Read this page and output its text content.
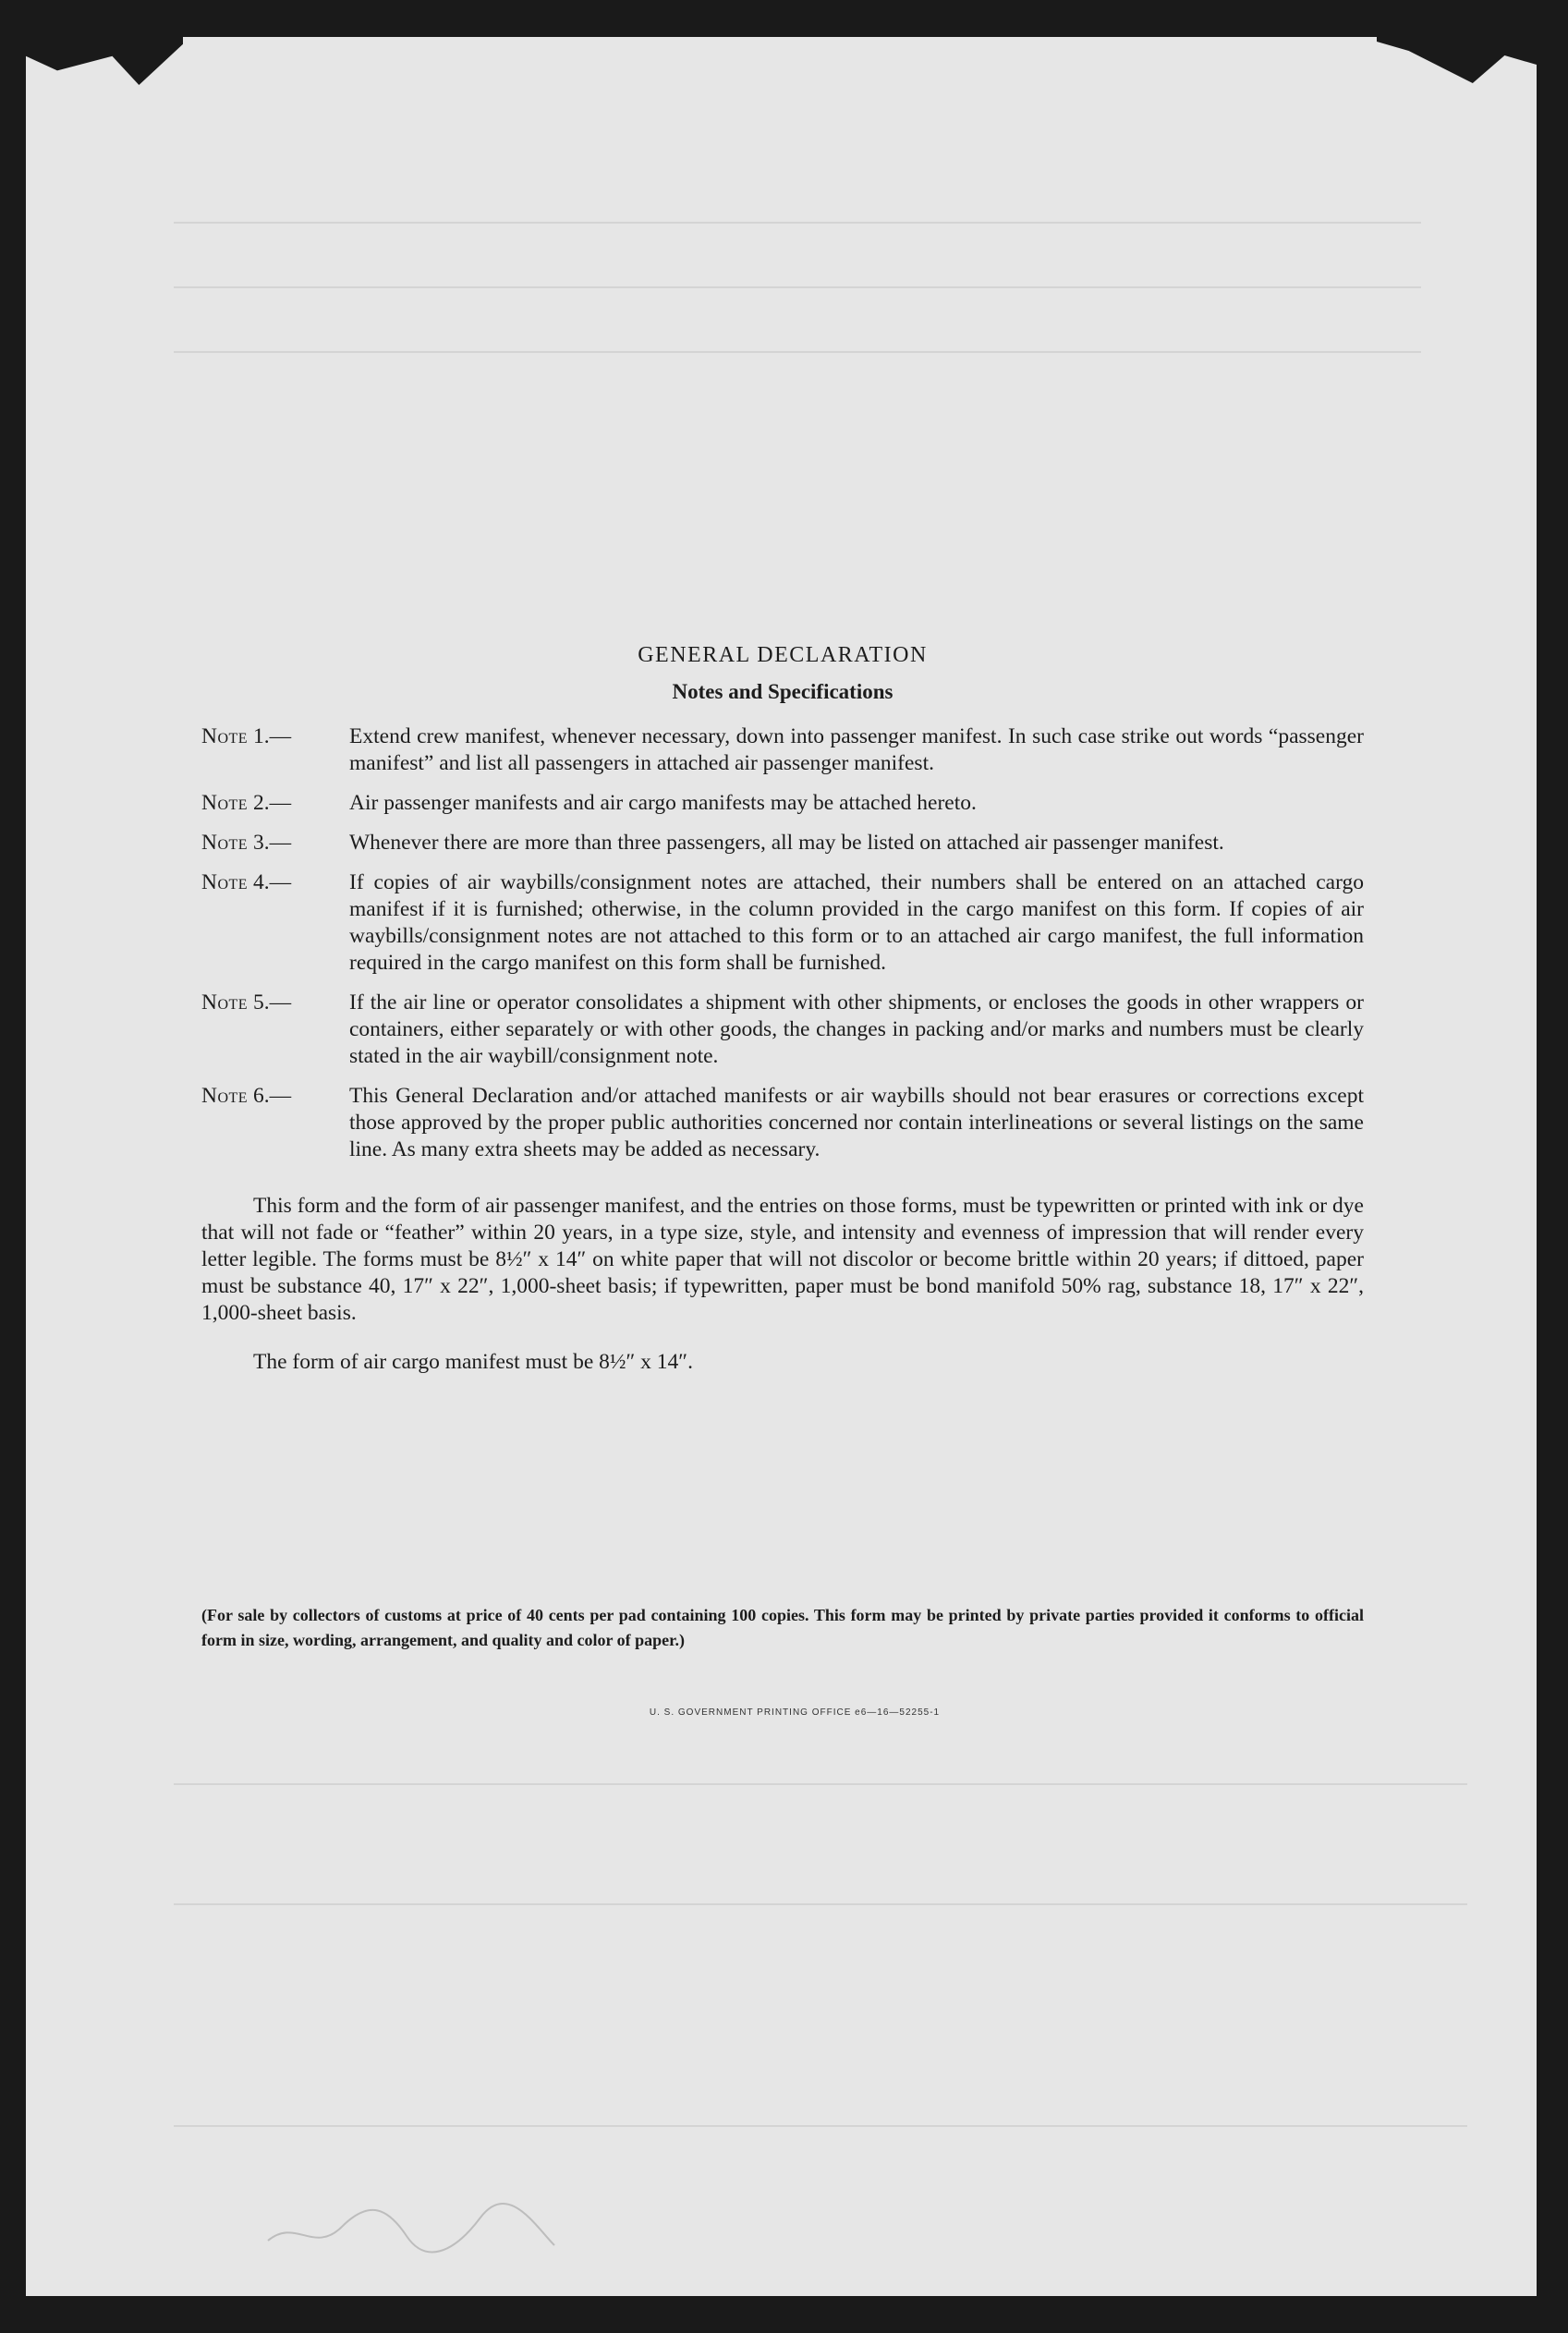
GENERAL DECLARATION
Notes and Specifications
Note 1.—	Extend crew manifest, whenever necessary, down into passenger manifest. In such case strike out words “passenger manifest” and list all passengers in attached air passenger manifest.
Note 2.—	Air passenger manifests and air cargo manifests may be attached hereto.
Note 3.—	Whenever there are more than three passengers, all may be listed on attached air passenger manifest.
Note 4.—	If copies of air waybills/consignment notes are attached, their numbers shall be entered on an attached cargo manifest if it is furnished; otherwise, in the column provided in the cargo manifest on this form. If copies of air waybills/consignment notes are not attached to this form or to an attached air cargo manifest, the full information required in the cargo manifest on this form shall be furnished.
Note 5.—	If the air line or operator consolidates a shipment with other shipments, or encloses the goods in other wrappers or containers, either separately or with other goods, the changes in packing and/or marks and numbers must be clearly stated in the air waybill/consignment note.
Note 6.—	This General Declaration and/or attached manifests or air waybills should not bear erasures or corrections except those approved by the proper public authorities concerned nor contain interlineations or several listings on the same line. As many extra sheets may be added as necessary.

This form and the form of air passenger manifest, and the entries on those forms, must be typewritten or printed with ink or dye that will not fade or “feather” within 20 years, in a type size, style, and intensity and evenness of impression that will render every letter legible. The forms must be 8½″ x 14″ on white paper that will not discolor or become brittle within 20 years; if dittoed, paper must be substance 40, 17″ x 22″, 1,000-sheet basis; if typewritten, paper must be bond manifold 50% rag, substance 18, 17″ x 22″, 1,000-sheet basis.

The form of air cargo manifest must be 8½″ x 14″.

(For sale by collectors of customs at price of 40 cents per pad containing 100 copies. This form may be printed by private parties provided it conforms to official form in size, wording, arrangement, and quality and color of paper.)
U. S. GOVERNMENT PRINTING OFFICE e6—16—52255-1
